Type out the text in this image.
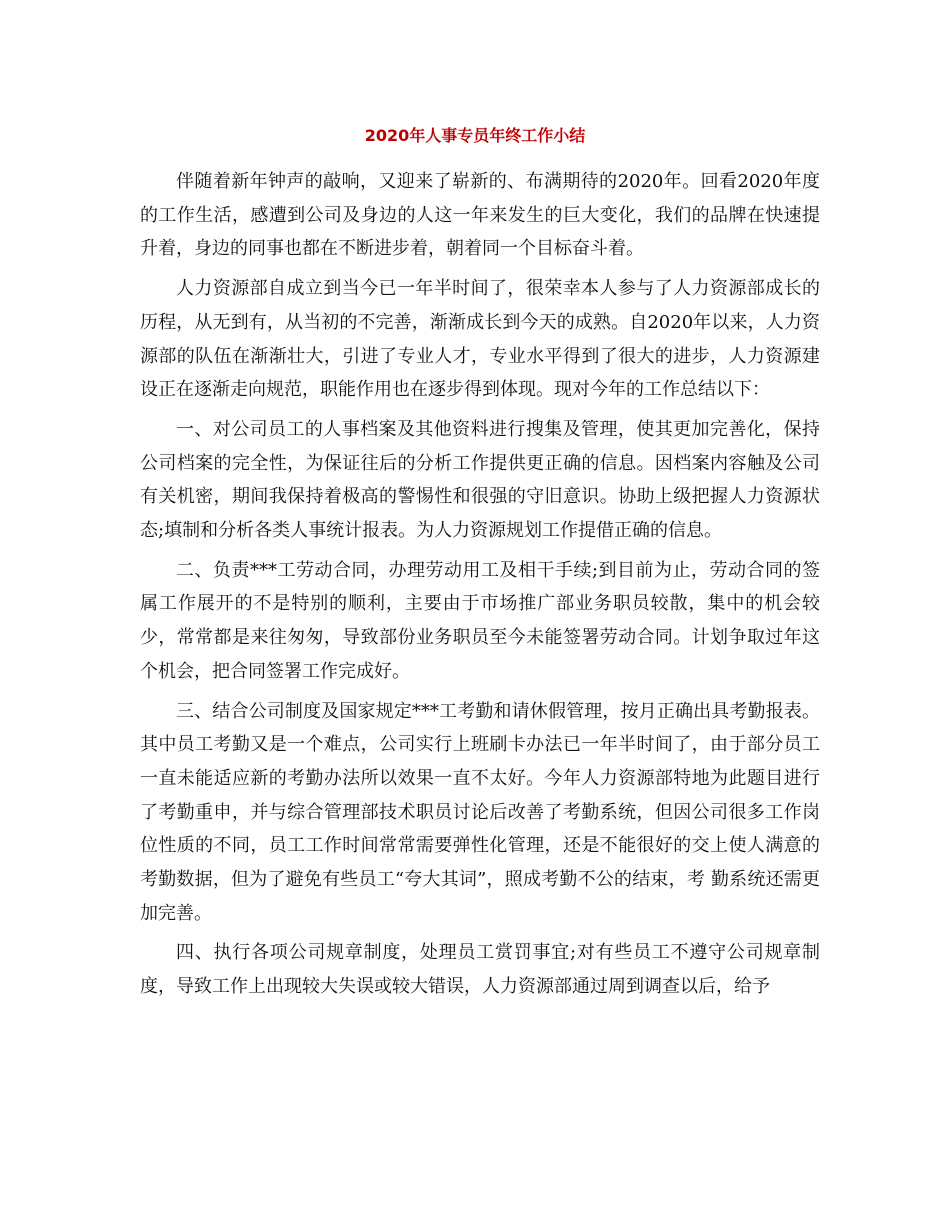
2020年人事专员年终工作小结

伴随着新年钟声的敲响，又迎来了崭新的、布满期待的2020年。回看2020年度的工作生活，感遭到公司及身边的人这一年来发生的巨大变化，我们的品牌在快速提升着，身边的同事也都在不断进步着，朝着同一个目标奋斗着。

人力资源部自成立到当今已一年半时间了，很荣幸本人参与了人力资源部成长的历程，从无到有，从当初的不完善，渐渐成长到今天的成熟。自2020年以来，人力资源部的队伍在渐渐壮大，引进了专业人才，专业水平得到了很大的进步，人力资源建设正在逐渐走向规范，职能作用也在逐步得到体现。现对今年的工作总结以下：

一、对公司员工的人事档案及其他资料进行搜集及管理，使其更加完善化，保持公司档案的完全性，为保证往后的分析工作提供更正确的信息。因档案内容触及公司有关机密，期间我保持着极高的警惕性和很强的守旧意识。协助上级把握人力资源状态;填制和分析各类人事统计报表。为人力资源规划工作提借正确的信息。

二、负责***工劳动合同，办理劳动用工及相干手续;到目前为止，劳动合同的签属工作展开的不是特别的顺利，主要由于市场推广部业务职员较散，集中的机会较少，常常都是来往匆匆，导致部份业务职员至今未能签署劳动合同。计划争取过年这个机会，把合同签署工作完成好。

三、结合公司制度及国家规定***工考勤和请休假管理，按月正确出具考勤报表。其中员工考勤又是一个难点，公司实行上班刷卡办法已一年半时间了，由于部分员工一直未能适应新的考勤办法所以效果一直不太好。今年人力资源部特地为此题目进行了考勤重申，并与综合管理部技术职员讨论后改善了考勤系统，但因公司很多工作岗位性质的不同，员工工作时间常常需要弹性化管理，还是不能很好的交上使人满意的考勤数据，但为了避免有些员工“夸大其词”，照成考勤不公的结束，考 勤系统还需更加完善。

四、执行各项公司规章制度，处理员工赏罚事宜;对有些员工不遵守公司规章制度，导致工作上出现较大失误或较大错误，人力资源部通过周到调查以后，给予
